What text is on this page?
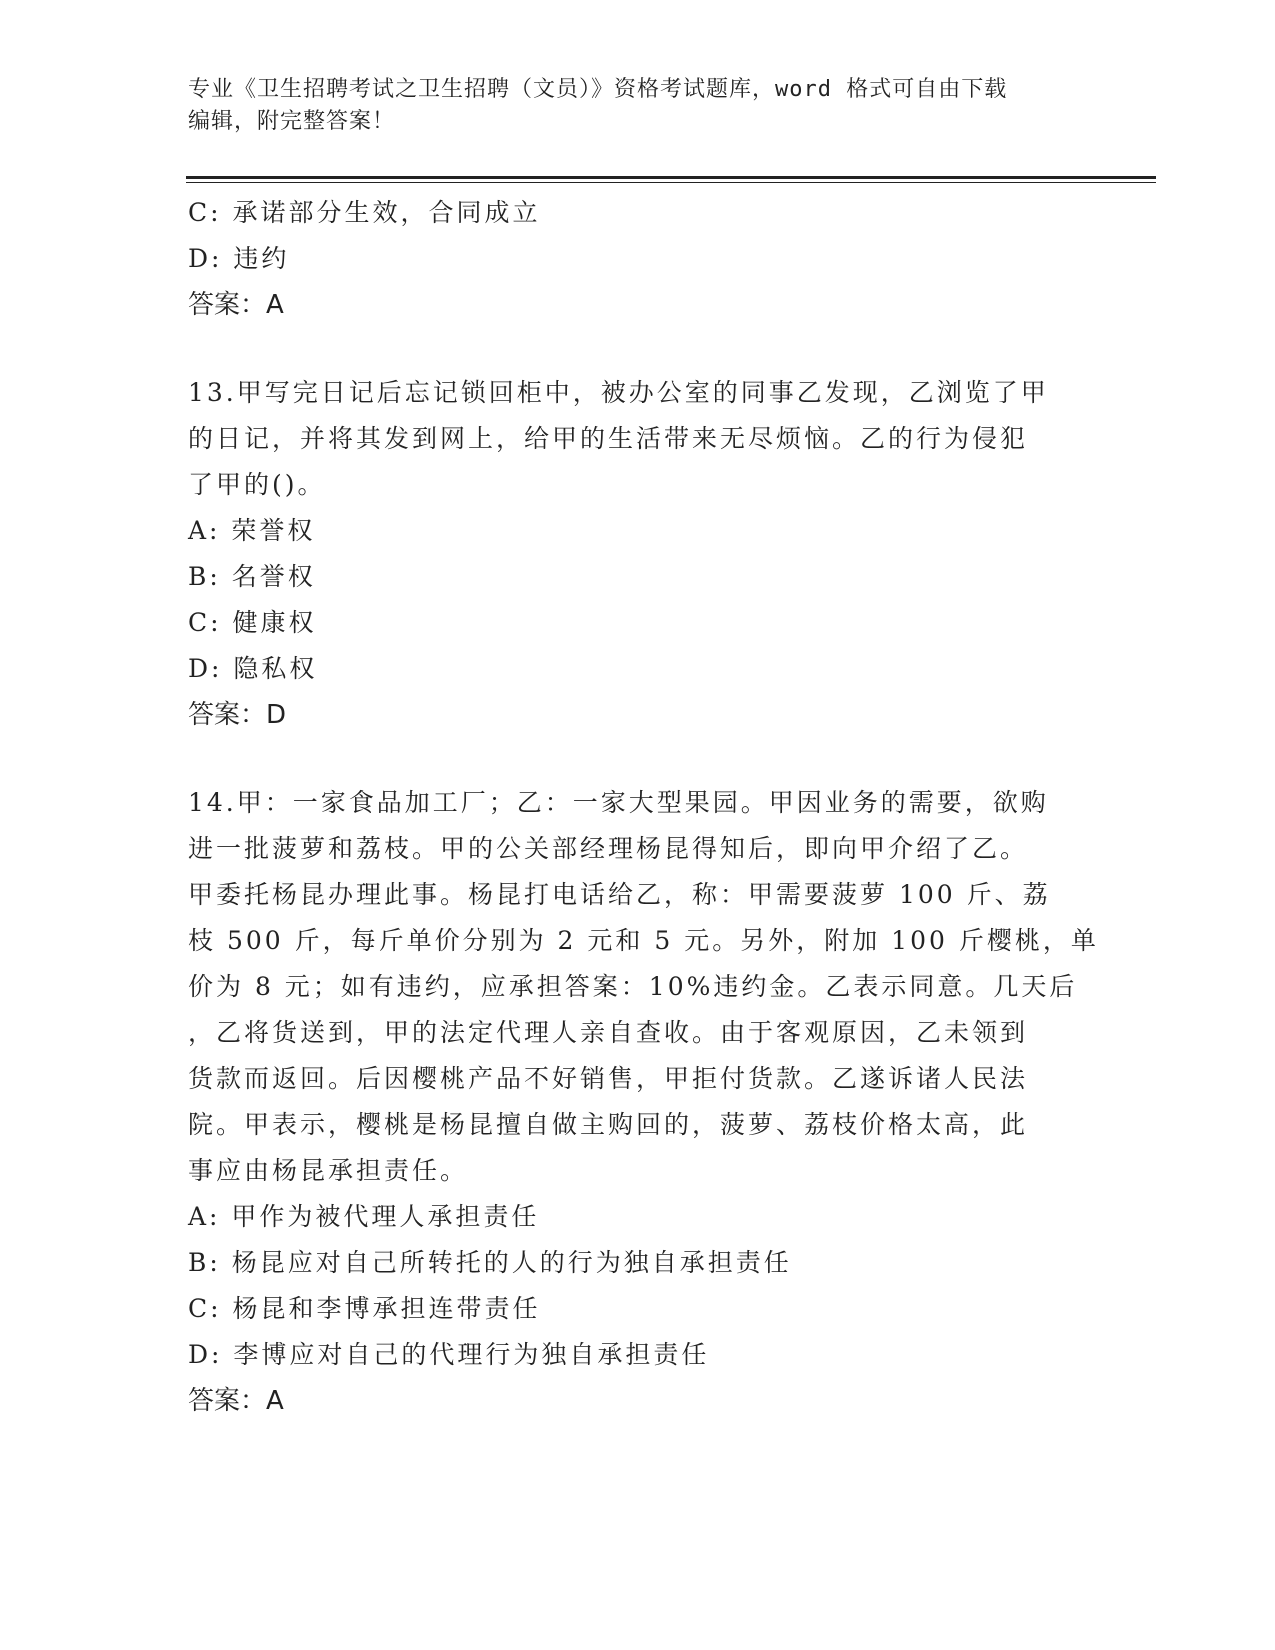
专业《卫生招聘考试之卫生招聘（文员）》资格考试题库，word 格式可自由下载
编辑，附完整答案！

C: 承诺部分生效，合同成立

D: 违约

答案：A

13.甲写完日记后忘记锁回柜中，被办公室的同事乙发现，乙浏览了甲
的日记，并将其发到网上，给甲的生活带来无尽烦恼。乙的行为侵犯
了甲的()。

A: 荣誉权

B: 名誉权

C: 健康权

D: 隐私权

答案：D

14.甲：一家食品加工厂；乙：一家大型果园。甲因业务的需要，欲购
进一批菠萝和荔枝。甲的公关部经理杨昆得知后，即向甲介绍了乙。
甲委托杨昆办理此事。杨昆打电话给乙，称：甲需要菠萝 100 斤、荔
枝 500 斤，每斤单价分别为 2 元和 5 元。另外，附加 100 斤樱桃，单
价为 8 元；如有违约，应承担答案：10%违约金。乙表示同意。几天后
，乙将货送到，甲的法定代理人亲自查收。由于客观原因，乙未领到
货款而返回。后因樱桃产品不好销售，甲拒付货款。乙遂诉诸人民法
院。甲表示，樱桃是杨昆擅自做主购回的，菠萝、荔枝价格太高，此
事应由杨昆承担责任。

A: 甲作为被代理人承担责任

B: 杨昆应对自己所转托的人的行为独自承担责任

C: 杨昆和李博承担连带责任

D: 李博应对自己的代理行为独自承担责任

答案：A
